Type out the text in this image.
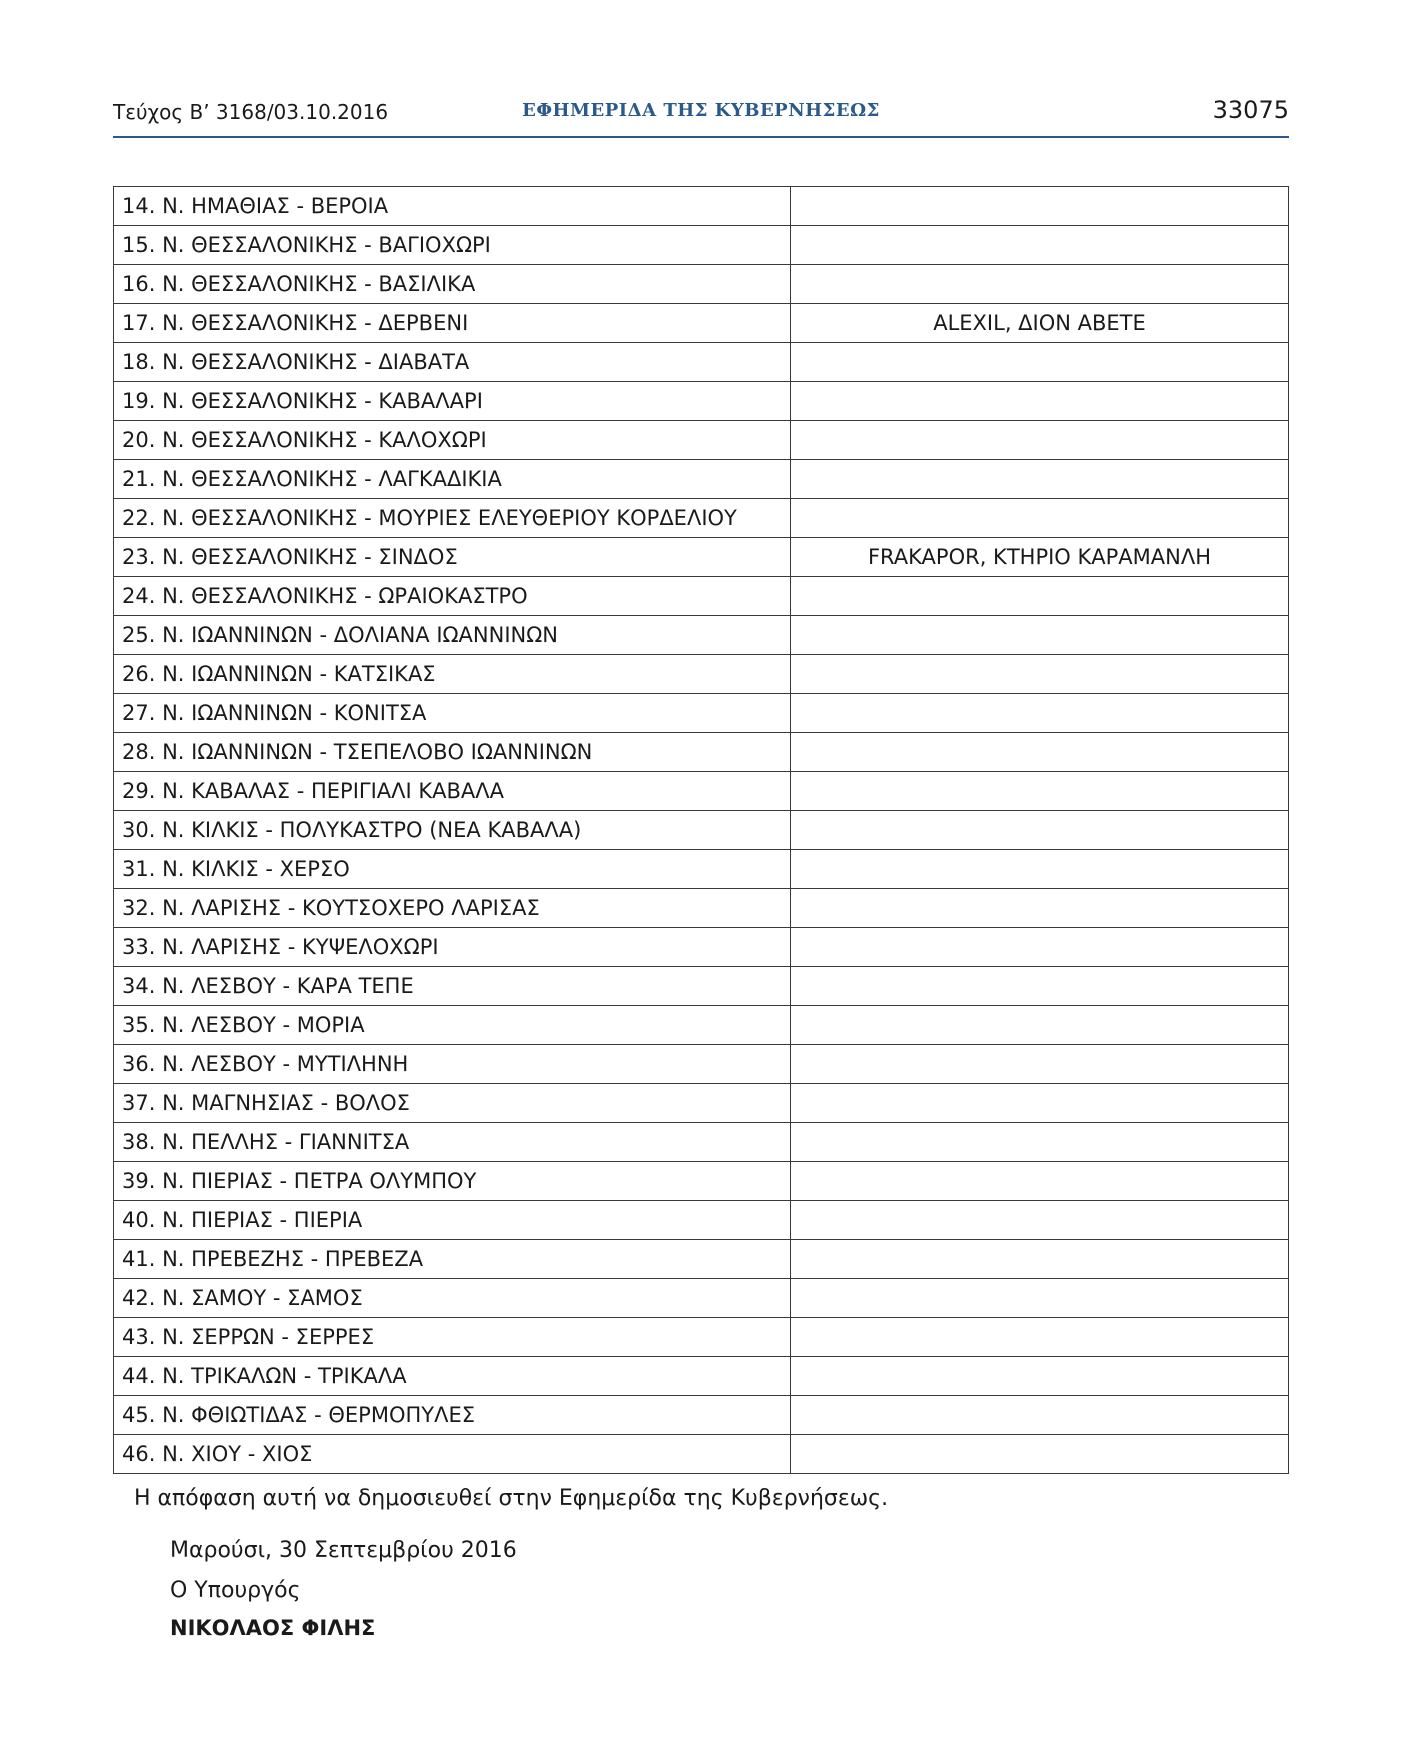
Τεύχος Β’ 3168/03.10.2016	ΕΦΗΜΕΡΙΔΑ ΤΗΣ ΚΥΒΕΡΝΗΣΕΩΣ	33075
14. Ν. ΗΜΑΘΙΑΣ - ΒΕΡΟΙΑ	
15. Ν. ΘΕΣΣΑΛΟΝΙΚΗΣ - ΒΑΓΙΟΧΩΡΙ	
16. Ν. ΘΕΣΣΑΛΟΝΙΚΗΣ - ΒΑΣΙΛΙΚΑ	
17. Ν. ΘΕΣΣΑΛΟΝΙΚΗΣ - ΔΕΡΒΕΝΙ	ALEXIL, ΔΙΟΝ ΑΒΕΤΕ
18. Ν. ΘΕΣΣΑΛΟΝΙΚΗΣ - ΔΙΑΒΑΤΑ	
19. Ν. ΘΕΣΣΑΛΟΝΙΚΗΣ - ΚΑΒΑΛΑΡΙ	
20. Ν. ΘΕΣΣΑΛΟΝΙΚΗΣ - ΚΑΛΟΧΩΡΙ	
21. Ν. ΘΕΣΣΑΛΟΝΙΚΗΣ - ΛΑΓΚΑΔΙΚΙΑ	
22. Ν. ΘΕΣΣΑΛΟΝΙΚΗΣ - ΜΟΥΡΙΕΣ ΕΛΕΥΘΕΡΙΟΥ ΚΟΡΔΕΛΙΟΥ	
23. Ν. ΘΕΣΣΑΛΟΝΙΚΗΣ - ΣΙΝΔΟΣ	FRAKAPOR, ΚΤΗΡΙΟ ΚΑΡΑΜΑΝΛΗ
24. Ν. ΘΕΣΣΑΛΟΝΙΚΗΣ - ΩΡΑΙΟΚΑΣΤΡΟ	
25. Ν. ΙΩΑΝΝΙΝΩΝ - ΔΟΛΙΑΝΑ ΙΩΑΝΝΙΝΩΝ	
26. Ν. ΙΩΑΝΝΙΝΩΝ - ΚΑΤΣΙΚΑΣ	
27. Ν. ΙΩΑΝΝΙΝΩΝ - ΚΟΝΙΤΣΑ	
28. Ν. ΙΩΑΝΝΙΝΩΝ - ΤΣΕΠΕΛΟΒΟ ΙΩΑΝΝΙΝΩΝ	
29. Ν. ΚΑΒΑΛΑΣ - ΠΕΡΙΓΙΑΛΙ ΚΑΒΑΛΑ	
30. Ν. ΚΙΛΚΙΣ - ΠΟΛΥΚΑΣΤΡΟ (ΝΕΑ ΚΑΒΑΛΑ)	
31. Ν. ΚΙΛΚΙΣ - ΧΕΡΣΟ	
32. Ν. ΛΑΡΙΣΗΣ - ΚΟΥΤΣΟΧΕΡΟ ΛΑΡΙΣΑΣ	
33. Ν. ΛΑΡΙΣΗΣ - ΚΥΨΕΛΟΧΩΡΙ	
34. Ν. ΛΕΣΒΟΥ - ΚΑΡΑ ΤΕΠΕ	
35. Ν. ΛΕΣΒΟΥ - ΜΟΡΙΑ	
36. Ν. ΛΕΣΒΟΥ - ΜΥΤΙΛΗΝΗ	
37. Ν. ΜΑΓΝΗΣΙΑΣ - ΒΟΛΟΣ	
38. Ν. ΠΕΛΛΗΣ - ΓΙΑΝΝΙΤΣΑ	
39. Ν. ΠΙΕΡΙΑΣ - ΠΕΤΡΑ ΟΛΥΜΠΟΥ	
40. Ν. ΠΙΕΡΙΑΣ - ΠΙΕΡΙΑ	
41. Ν. ΠΡΕΒΕΖΗΣ - ΠΡΕΒΕΖΑ	
42. Ν. ΣΑΜΟΥ - ΣΑΜΟΣ	
43. Ν. ΣΕΡΡΩΝ - ΣΕΡΡΕΣ	
44. Ν. ΤΡΙΚΑΛΩΝ - ΤΡΙΚΑΛΑ	
45. Ν. ΦΘΙΩΤΙΔΑΣ - ΘΕΡΜΟΠΥΛΕΣ	
46. Ν. ΧΙΟΥ - ΧΙΟΣ	
Η απόφαση αυτή να δημοσιευθεί στην Εφημερίδα της Κυβερνήσεως.
Μαρούσι, 30 Σεπτεμβρίου 2016
Ο Υπουργός
ΝΙΚΟΛΑΟΣ ΦΙΛΗΣ
